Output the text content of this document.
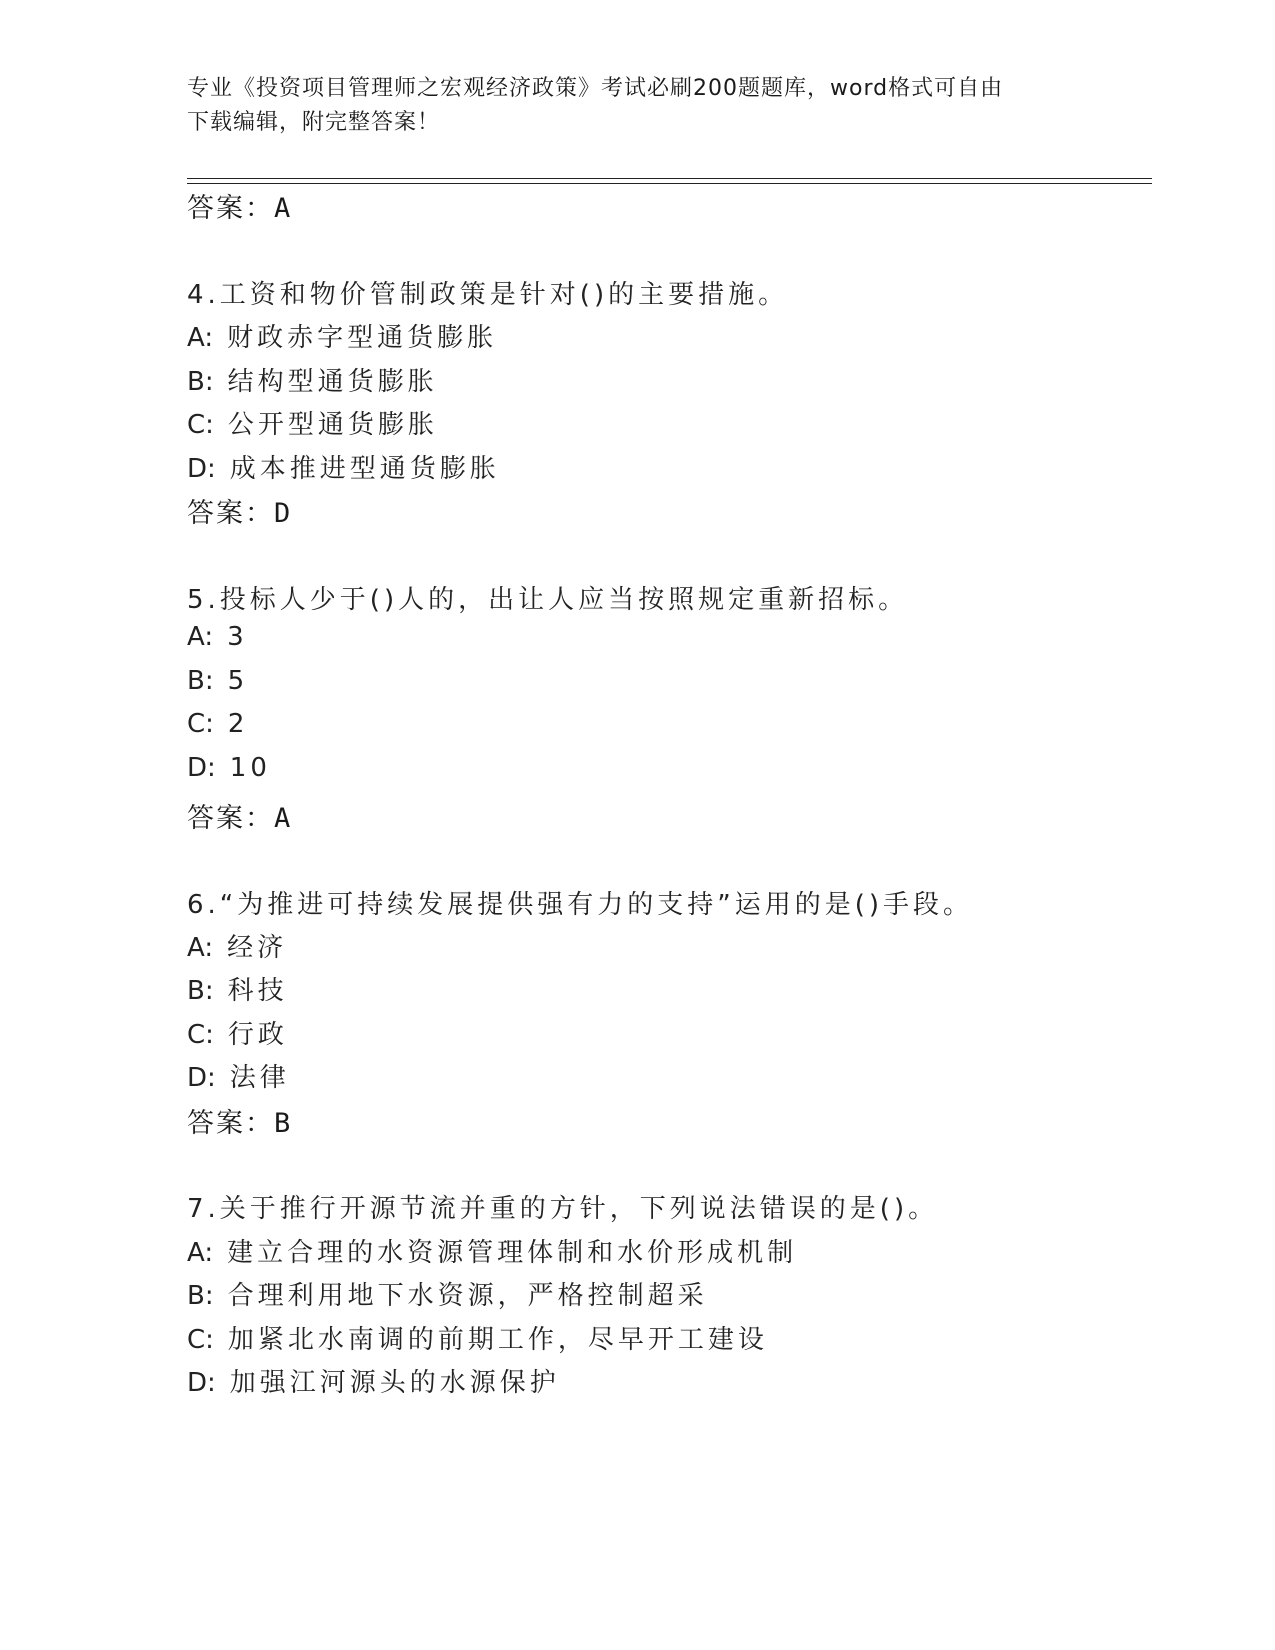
专业《投资项目管理师之宏观经济政策》考试必刷200题题库，word格式可自由
下载编辑，附完整答案！
答案：A
4.工资和物价管制政策是针对()的主要措施。
A: 财政赤字型通货膨胀
B: 结构型通货膨胀
C: 公开型通货膨胀
D: 成本推进型通货膨胀
答案：D
5.投标人少于()人的，出让人应当按照规定重新招标。
A: 3
B: 5
C: 2
D: 10
答案：A
6.“为推进可持续发展提供强有力的支持”运用的是()手段。
A: 经济
B: 科技
C: 行政
D: 法律
答案：B
7.关于推行开源节流并重的方针，下列说法错误的是()。
A: 建立合理的水资源管理体制和水价形成机制
B: 合理利用地下水资源，严格控制超采
C: 加紧北水南调的前期工作，尽早开工建设
D: 加强江河源头的水源保护
